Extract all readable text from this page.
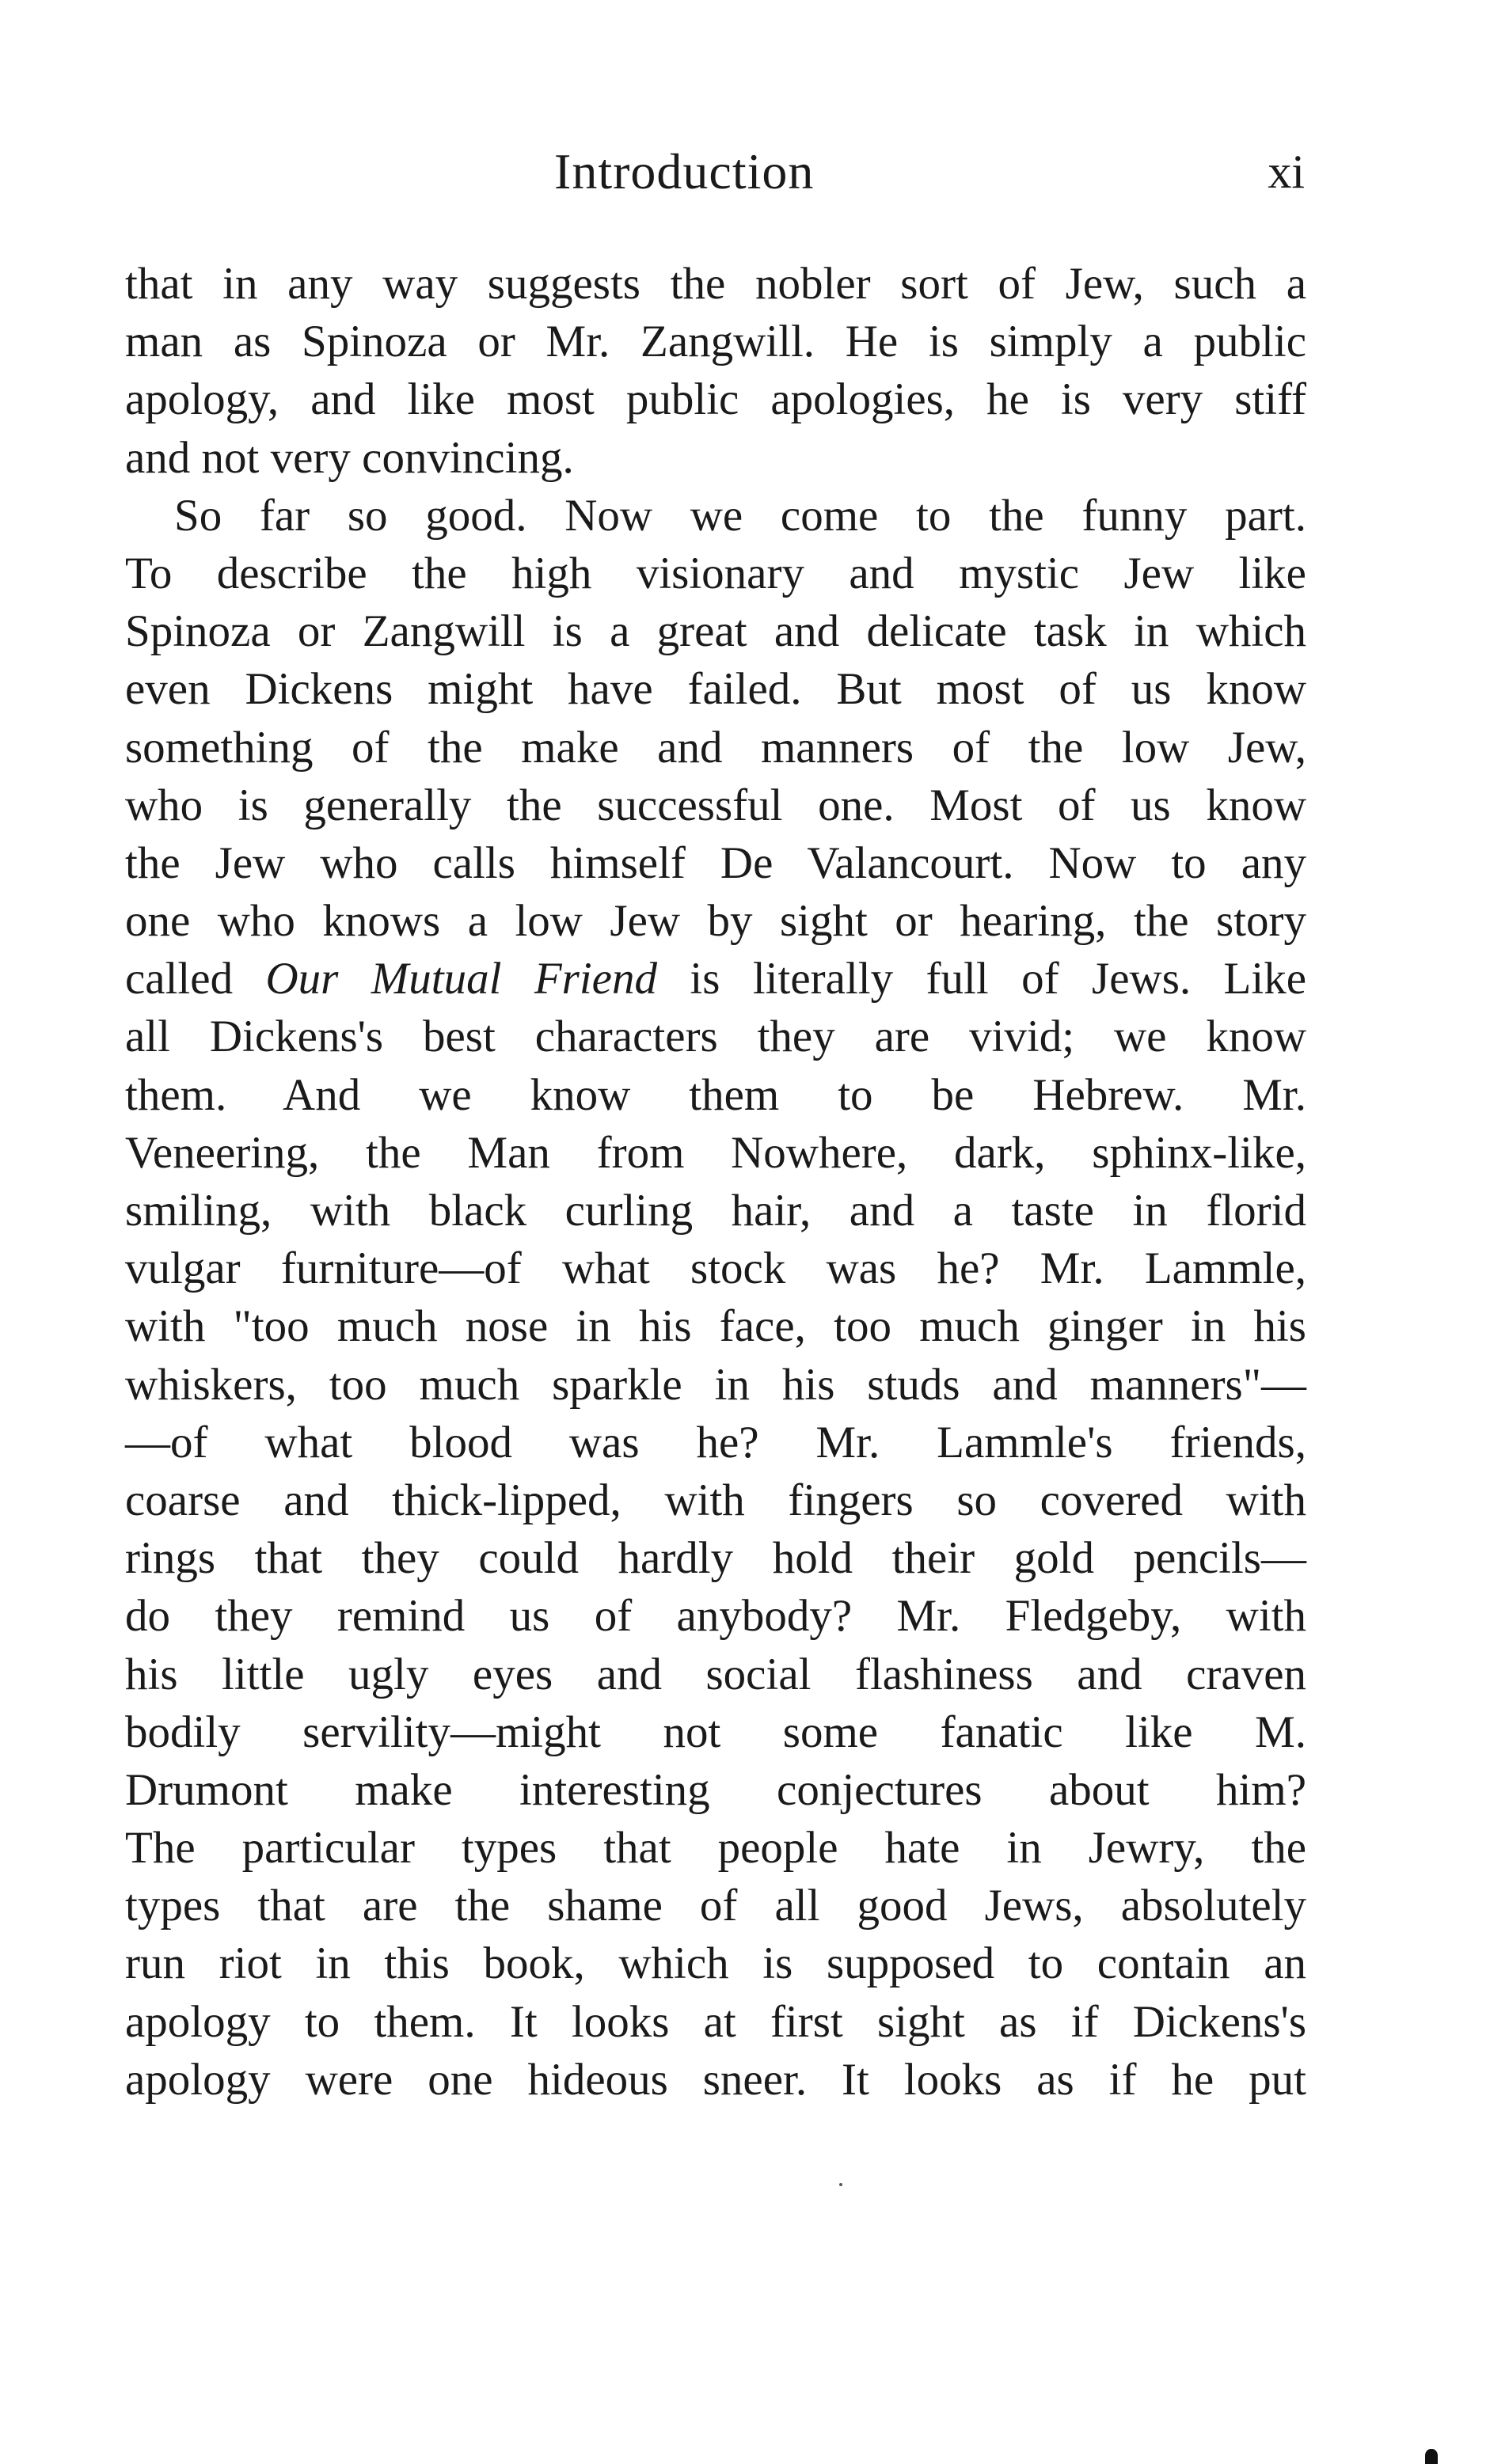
Introduction	xi
that in any way suggests the nobler sort of Jew, such a
man as Spinoza or Mr. Zangwill. He is simply a public
apology, and like most public apologies, he is very stiff
and not very convincing.
So far so good. Now we come to the funny part.
To describe the high visionary and mystic Jew like
Spinoza or Zangwill is a great and delicate task in which
even Dickens might have failed. But most of us know
something of the make and manners of the low Jew,
who is generally the successful one. Most of us know
the Jew who calls himself De Valancourt. Now to any
one who knows a low Jew by sight or hearing, the story
called Our Mutual Friend is literally full of Jews. Like
all Dickens's best characters they are vivid; we know
them. And we know them to be Hebrew. Mr.
Veneering, the Man from Nowhere, dark, sphinx-like,
smiling, with black curling hair, and a taste in florid
vulgar furniture—of what stock was he? Mr. Lammle,
with "too much nose in his face, too much ginger in his
whiskers, too much sparkle in his studs and manners"—
—of what blood was he? Mr. Lammle's friends,
coarse and thick-lipped, with fingers so covered with
rings that they could hardly hold their gold pencils—
do they remind us of anybody? Mr. Fledgeby, with
his little ugly eyes and social flashiness and craven
bodily servility—might not some fanatic like M.
Drumont make interesting conjectures about him?
The particular types that people hate in Jewry, the
types that are the shame of all good Jews, absolutely
run riot in this book, which is supposed to contain an
apology to them. It looks at first sight as if Dickens's
apology were one hideous sneer. It looks as if he put
